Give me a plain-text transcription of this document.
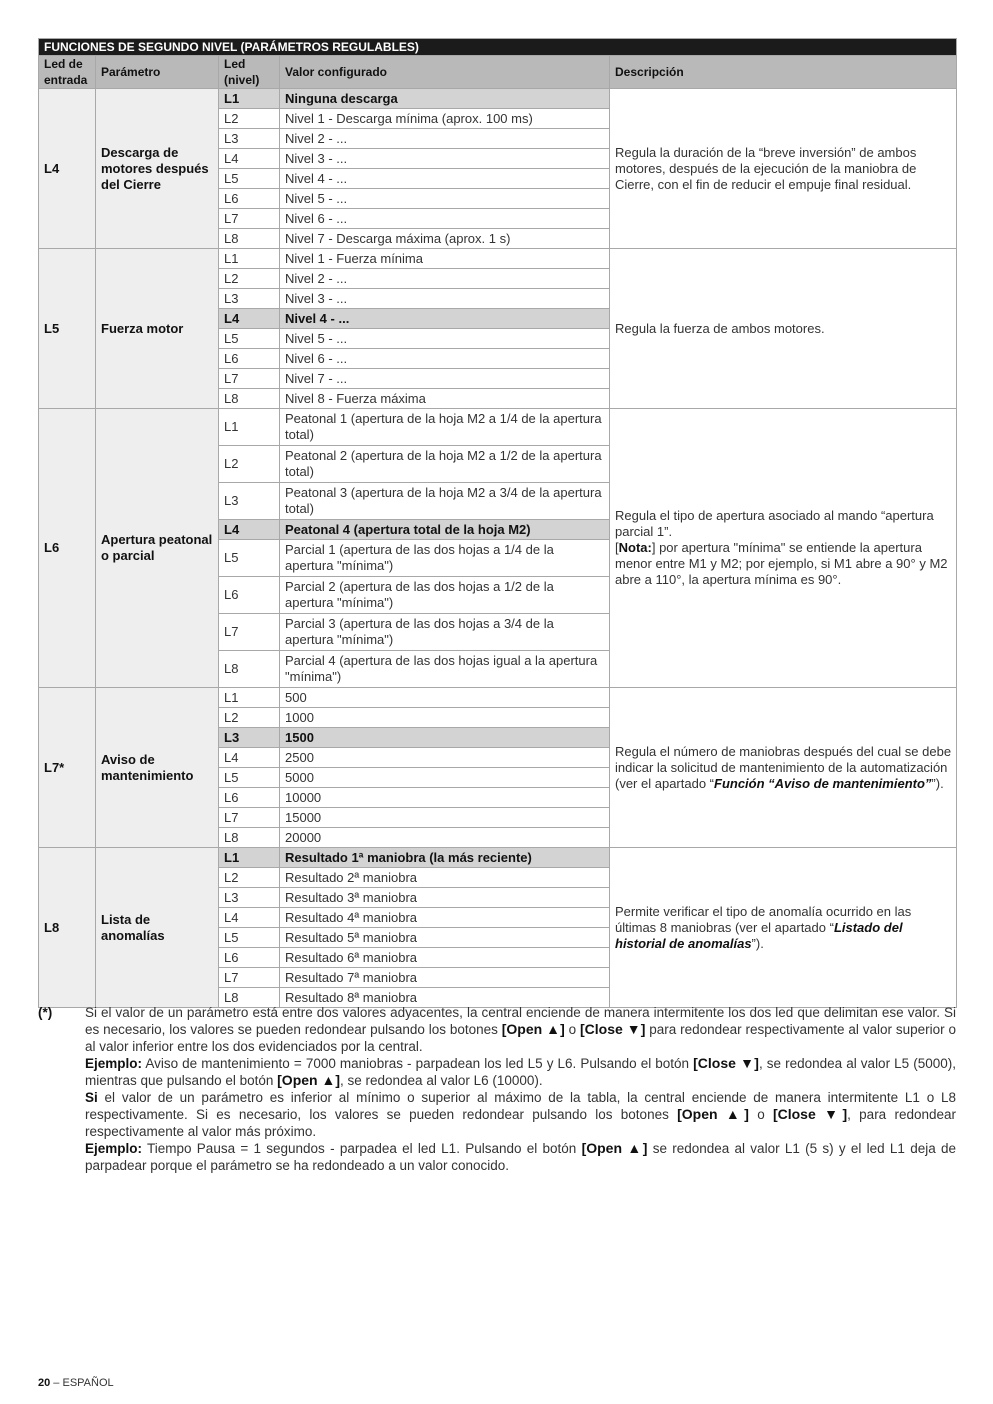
FUNCIONES DE SEGUNDO NIVEL (PARÁMETROS REGULABLES)				
Led de entrada	Parámetro	Led (nivel)	Valor configurado	Descripción
L4	Descarga de motores después del Cierre	L1	Ninguna descarga	Regula la duración de la “breve inversión” de ambos motores, después de la ejecución de la maniobra de Cierre, con el fin de reducir el empuje final residual.
		L2	Nivel 1 - Descarga mínima (aprox. 100 ms)	
		L3	Nivel 2 - ...	
		L4	Nivel 3 - ...	
		L5	Nivel 4 - ...	
		L6	Nivel 5 - ...	
		L7	Nivel 6 - ...	
		L8	Nivel 7 - Descarga máxima (aprox. 1 s)	
L5	Fuerza motor	L1	Nivel 1 - Fuerza mínima	Regula la fuerza de ambos motores.
		L2	Nivel 2 - ...	
		L3	Nivel 3 - ...	
		L4	Nivel 4 - ...	
		L5	Nivel 5 - ...	
		L6	Nivel 6 - ...	
		L7	Nivel 7 - ...	
		L8	Nivel 8 - Fuerza máxima	
L6	Apertura peatonal o parcial	L1	Peatonal 1 (apertura de la hoja M2 a 1/4 de la apertura total)	Regula el tipo de apertura asociado al mando “apertura parcial 1”.
[Nota:] por apertura "mínima" se entiende la apertura menor entre M1 y M2; por ejemplo, si M1 abre a 90° y M2 abre a 110°, la apertura mínima es 90°.
		L2	Peatonal 2 (apertura de la hoja M2 a 1/2 de la apertura total)	
		L3	Peatonal 3 (apertura de la hoja M2 a 3/4 de la apertura total)	
		L4	Peatonal 4 (apertura total de la hoja M2)	
		L5	Parcial 1 (apertura de las dos hojas a 1/4 de la apertura "mínima")	
		L6	Parcial 2 (apertura de las dos hojas a 1/2 de la apertura "mínima")	
		L7	Parcial 3 (apertura de las dos hojas a 3/4 de la apertura "mínima")	
		L8	Parcial 4 (apertura de las dos hojas igual a la apertura "mínima")	
L7*	Aviso de mantenimiento	L1	500	Regula el número de maniobras después del cual se debe indicar la solicitud de mantenimiento de la automatización (ver el apartado “Función “Aviso de mantenimiento””).
		L2	1000	
		L3	1500	
		L4	2500	
		L5	5000	
		L6	10000	
		L7	15000	
		L8	20000	
L8	Lista de anomalías	L1	Resultado 1ª maniobra (la más reciente)	Permite verificar el tipo de anomalía ocurrido en las últimas 8 maniobras (ver el apartado “Listado del historial de anomalías”).
		L2	Resultado 2ª maniobra	
		L3	Resultado 3ª maniobra	
		L4	Resultado 4ª maniobra	
		L5	Resultado 5ª maniobra	
		L6	Resultado 6ª maniobra	
		L7	Resultado 7ª maniobra	
		L8	Resultado 8ª maniobra	
(*) Si el valor de un parámetro está entre dos valores adyacentes, la central enciende de manera intermitente los dos led que delimitan ese valor. Si es necesario, los valores se pueden redondear pulsando los botones [Open ▲] o [Close ▼] para redondear respectivamente al valor superior o al valor inferior entre los dos evidenciados por la central.

Ejemplo: Aviso de mantenimiento = 7000 maniobras - parpadean los led L5 y L6. Pulsando el botón [Close ▼], se redondea al valor L5 (5000), mientras que pulsando el botón [Open ▲], se redondea al valor L6 (10000).

Si el valor de un parámetro es inferior al mínimo o superior al máximo de la tabla, la central enciende de manera intermitente L1 o L8 respectivamente. Si es necesario, los valores se pueden redondear pulsando los botones [Open ▲] o [Close ▼], para redondear respectivamente al valor más próximo.

Ejemplo: Tiempo Pausa = 1 segundos - parpadea el led L1. Pulsando el botón [Open ▲] se redondea al valor L1 (5 s) y el led L1 deja de parpadear porque el parámetro se ha redondeado a un valor conocido.

20 – ESPAÑOL
